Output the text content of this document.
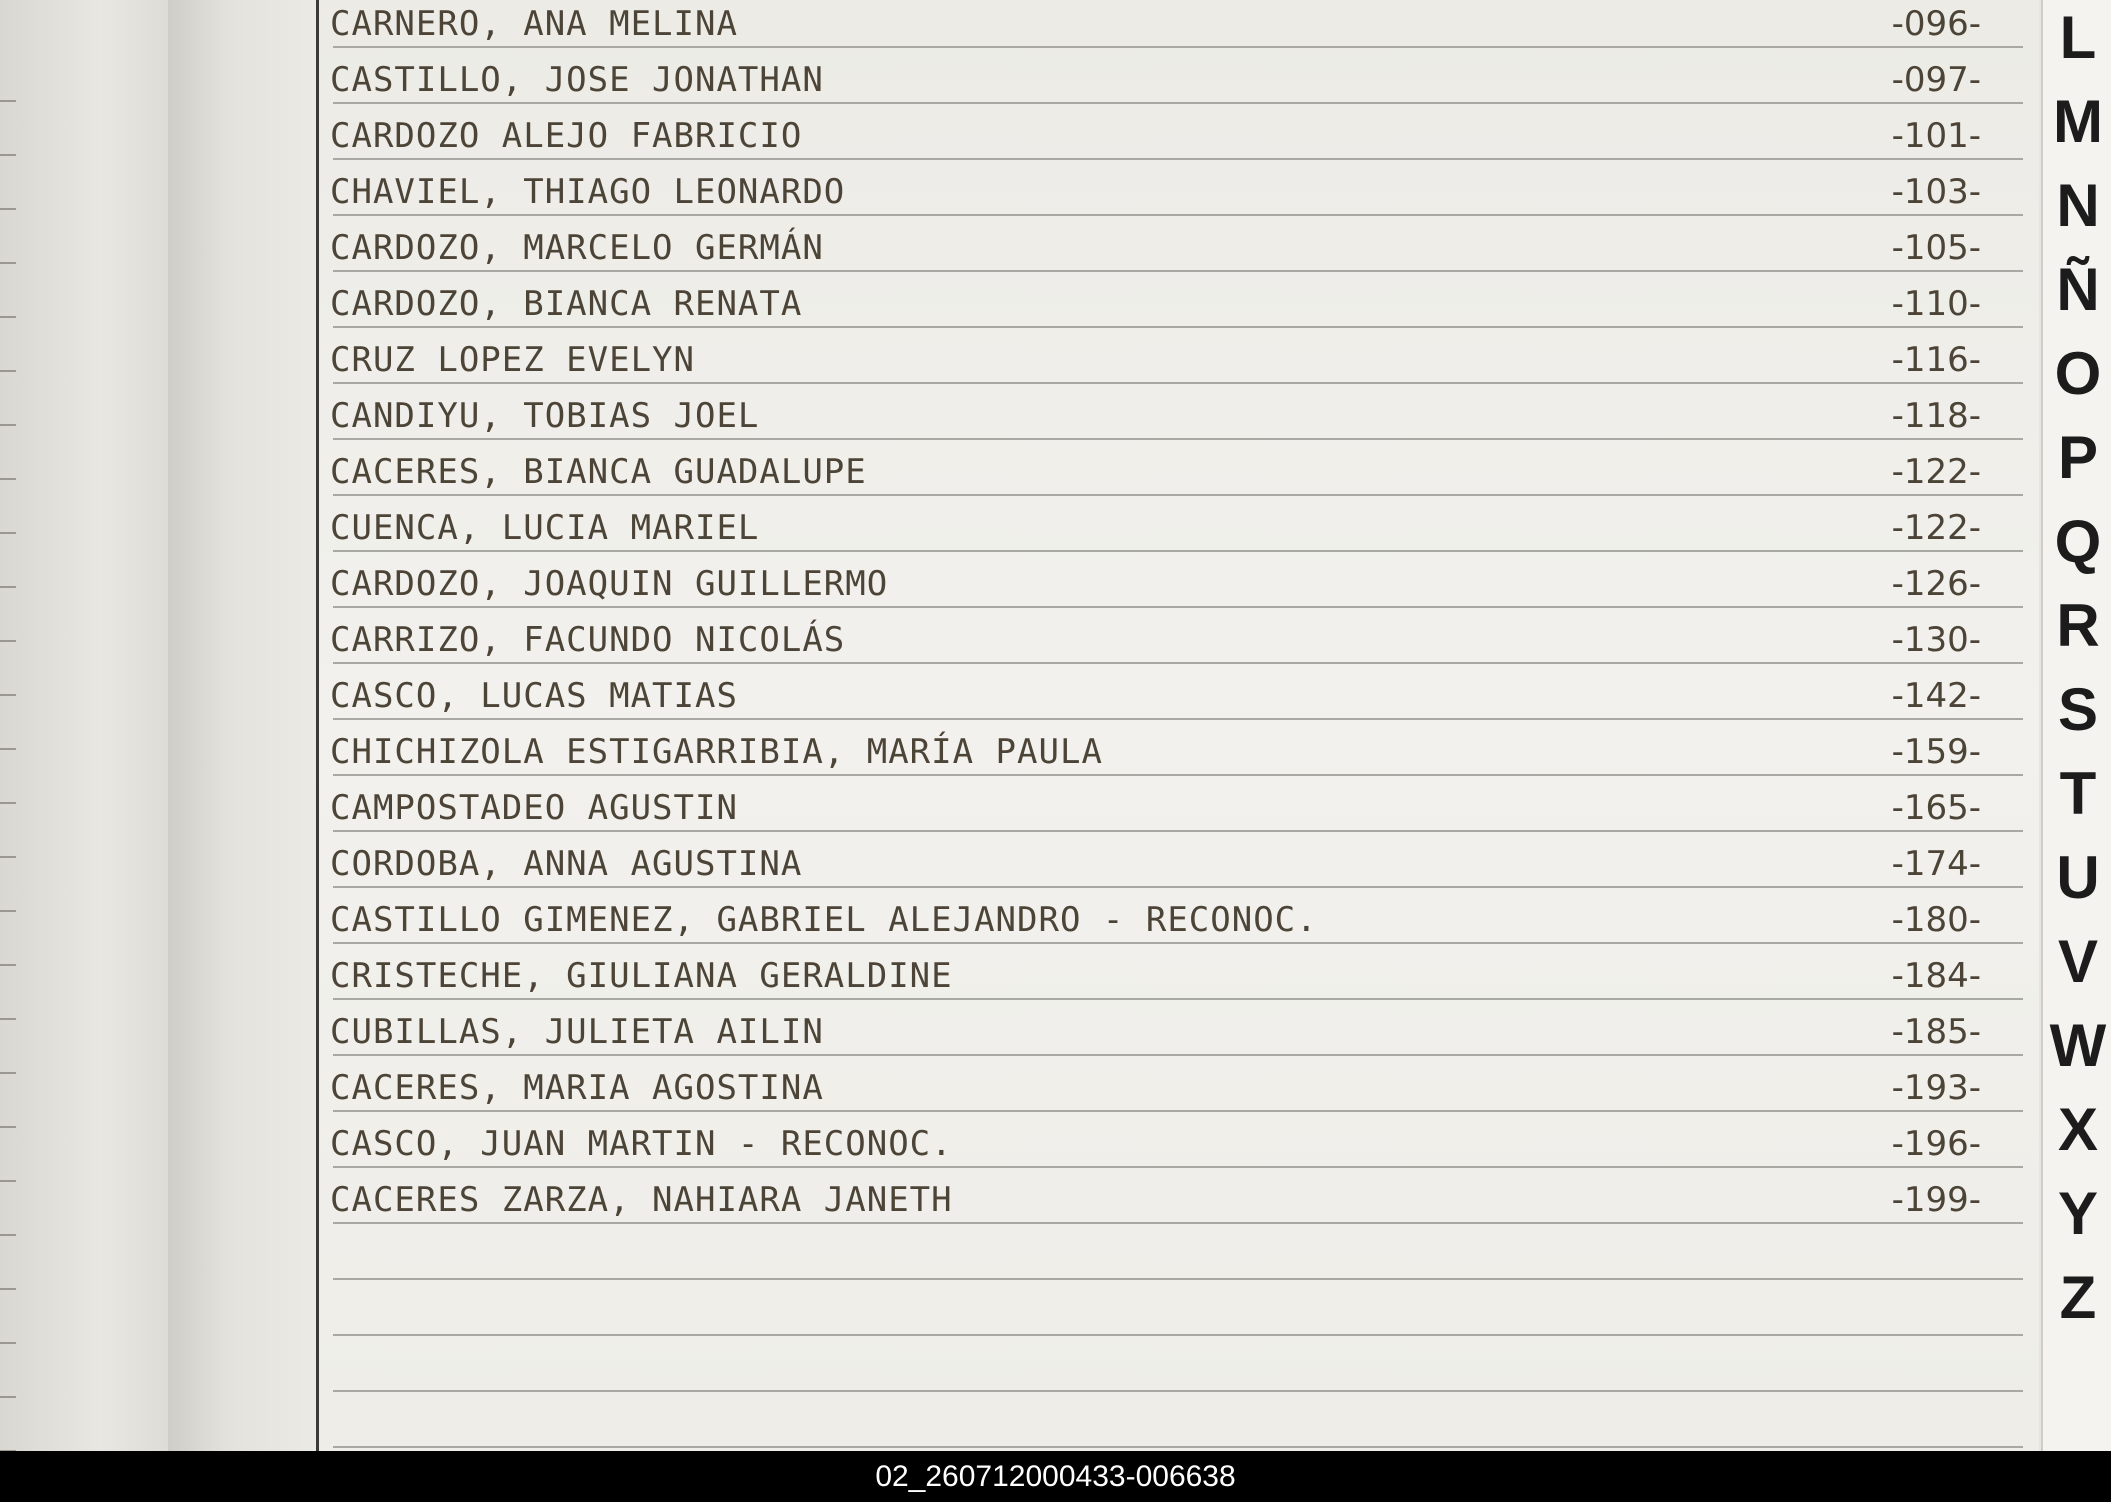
CARNERO, ANA MELINA	-096-
CASTILLO, JOSE JONATHAN	-097-
CARDOZO ALEJO FABRICIO	-101-
CHAVIEL, THIAGO LEONARDO	-103-
CARDOZO, MARCELO GERMÁN	-105-
CARDOZO, BIANCA RENATA	-110-
CRUZ LOPEZ EVELYN	-116-
CANDIYU, TOBIAS JOEL	-118-
CACERES, BIANCA GUADALUPE	-122-
CUENCA, LUCIA MARIEL	-122-
CARDOZO, JOAQUIN GUILLERMO	-126-
CARRIZO, FACUNDO NICOLÁS	-130-
CASCO, LUCAS MATIAS	-142-
CHICHIZOLA ESTIGARRIBIA, MARÍA PAULA	-159-
CAMPOSTADEO AGUSTIN	-165-
CORDOBA, ANNA AGUSTINA	-174-
CASTILLO GIMENEZ, GABRIEL ALEJANDRO - RECONOC.	-180-
CRISTECHE, GIULIANA GERALDINE	-184-
CUBILLAS, JULIETA AILIN	-185-
CACERES, MARIA AGOSTINA	-193-
CASCO, JUAN MARTIN - RECONOC.	-196-
CACERES ZARZA, NAHIARA JANETH	-199-
L
M
N
Ñ
O
P
Q
R
S
T
U
V
W
X
Y
Z
02_260712000433-006638
